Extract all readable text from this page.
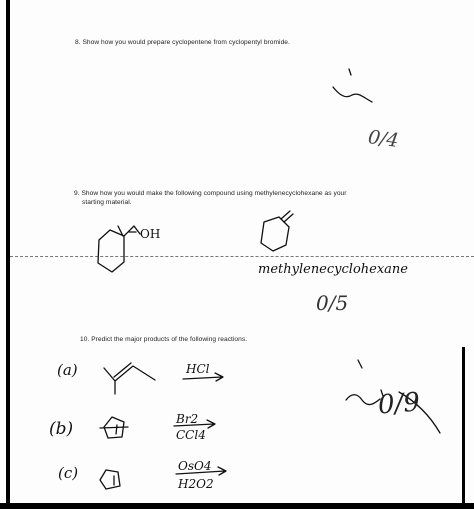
8. Show how you would prepare cyclopentene from cyclopentyl bromide.
9. Show how you would make the following compound using methylenecyclohexane as your
starting material.
10. Predict the major products of the following reactions.
0/4
OH
methylenecyclohexane
0/5
(a)
(b)
(c)
HCl
Br2
CCl4
OsO4
H2O2
0/9
